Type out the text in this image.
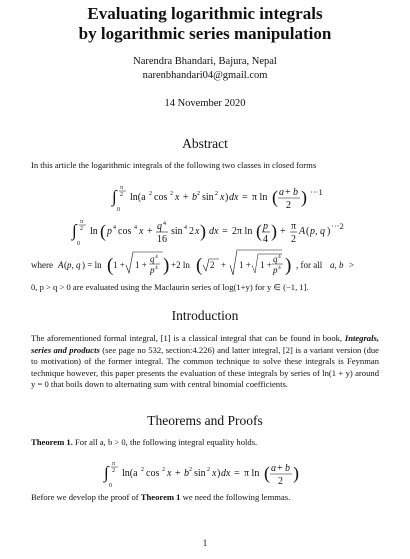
Evaluating logarithmic integrals
by logarithmic series manipulation
Narendra Bhandari, Bajura, Nepal
narenbhandari04@gmail.com
14 November 2020
Abstract
In this article the logarithmic integrals of the following two classes in closed forms
∫ π
2
0
ln(a 2 cos 2 x + b 2 sin 2 x ) dx = π ln ( a + b
2 ) ···1
∫ π
2
0
ln ( p 4 cos 4 x + q 4
16
sin 4 2 x ) dx = 2π ln ( p
4 ) + π
2
A ( p, q ) ···2
where A ( p, q ) = ln ( 1 + 1 +
q 4
p 4 ) +2 ln ( 2 + 1 + 1 +
q 4
p 4 ) , for all a, b >
0, p > q > 0 are evaluated using the Maclaurin series of log(1+y) for y ∈ (−1, 1].
Introduction
The aforementioned formal integral, [1] is a classical integral that can be found in book, Integrals, series and products (see page no 532, section:4.226) and latter integral, [2] is a variant version (due to motivation) of the former integral. The common technique to solve these integrals is Feynman technique however, this paper presents the evaluation of these integrals by series of ln(1 + y) around y = 0 that boils down to alternating sum with central binomial coefficients.
Theorems and Proofs
Theorem 1. For all a, b > 0, the following integral equality holds.
∫ π
2
0
ln(a 2 cos 2 x + b 2 sin 2 x ) dx = π ln ( a + b
2 )
Before we develop the proof of Theorem 1 we need the following lemmas.
1
